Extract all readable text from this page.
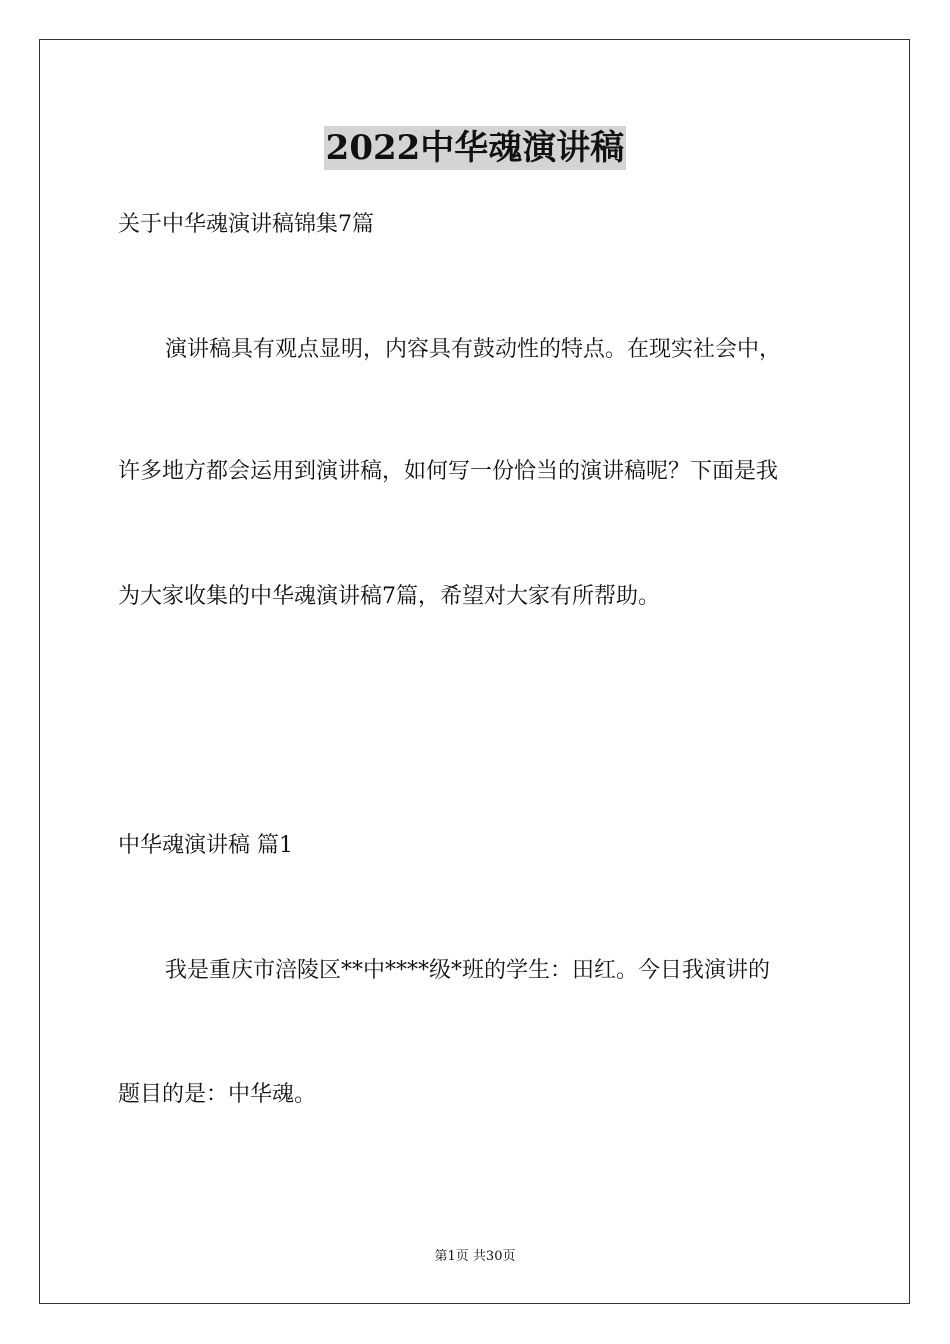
2022中华魂演讲稿
关于中华魂演讲稿锦集7篇
演讲稿具有观点显明，内容具有鼓动性的特点。在现实社会中，
许多地方都会运用到演讲稿，如何写一份恰当的演讲稿呢？下面是我
为大家收集的中华魂演讲稿7篇，希望对大家有所帮助。
中华魂演讲稿 篇1
我是重庆市涪陵区**中****级*班的学生：田红。今日我演讲的
题目的是：中华魂。
第1页 共30页
